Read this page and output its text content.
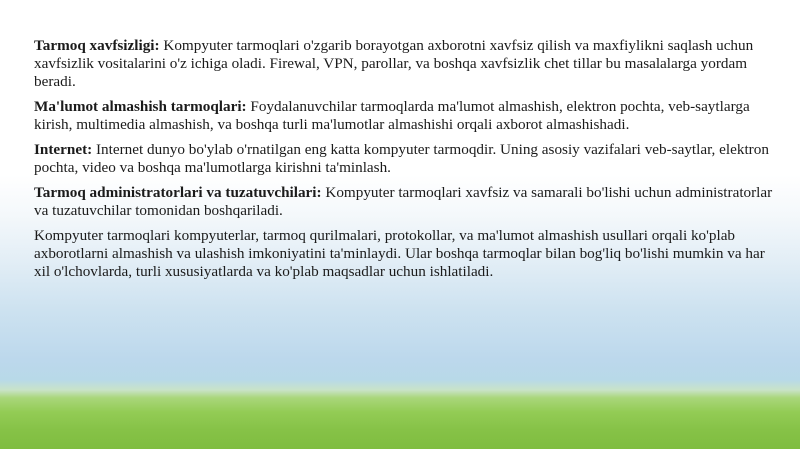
Tarmoq xavfsizligi: Kompyuter tarmoqlari o'zgarib borayotgan axborotni xavfsiz qilish va maxfiylikni saqlash uchun xavfsizlik vositalarini o'z ichiga oladi. Firewal, VPN, parollar, va boshqa xavfsizlik chet tillar bu masalalarga yordam beradi.

Ma'lumot almashish tarmoqlari: Foydalanuvchilar tarmoqlarda ma'lumot almashish, elektron pochta, veb-saytlarga kirish, multimedia almashish, va boshqa turli ma'lumotlar almashishi orqali axborot almashishadi.

Internet: Internet dunyo bo'ylab o'rnatilgan eng katta kompyuter tarmoqdir. Uning asosiy vazifalari veb-saytlar, elektron pochta, video va boshqa ma'lumotlarga kirishni ta'minlash.

Tarmoq administratorlari va tuzatuvchilari: Kompyuter tarmoqlari xavfsiz va samarali bo'lishi uchun administratorlar va tuzatuvchilar tomonidan boshqariladi.

Kompyuter tarmoqlari kompyuterlar, tarmoq qurilmalari, protokollar, va ma'lumot almashish usullari orqali ko'plab axborotlarni almashish va ulashish imkoniyatini ta'minlaydi. Ular boshqa tarmoqlar bilan bog'liq bo'lishi mumkin va har xil o'lchovlarda, turli xususiyatlarda va ko'plab maqsadlar uchun ishlatiladi.
